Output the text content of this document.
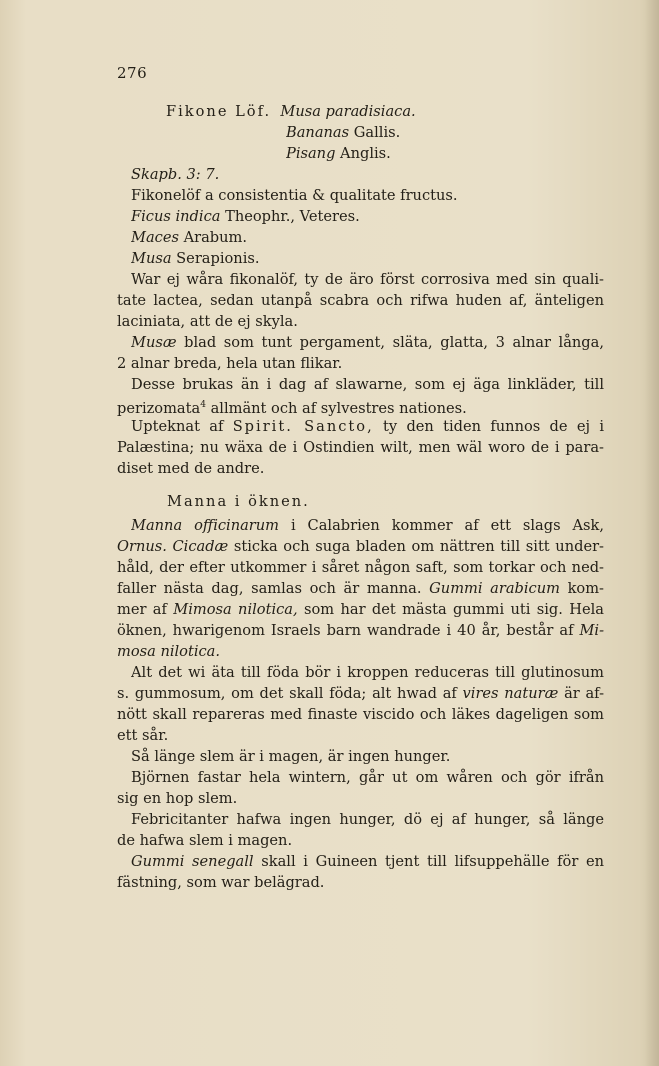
276
Fikone Löf. Musa paradisiaca.
Bananas Gallis.
Pisang Anglis.
Skapb. 3: 7.
Fikonelöf a consistentia & qualitate fructus.
Ficus indica Theophr., Veteres.
Maces Arabum.
Musa Serapionis.
War ej wåra fikonalöf, ty de äro först corrosiva med sin quali-
tate lactea, sedan utanpå scabra och rifwa huden af, änteligen
laciniata, att de ej skyla.
Musæ blad som tunt pergament, släta, glatta, 3 alnar långa,
2 alnar breda, hela utan flikar.
Desse brukas än i dag af slawarne, som ej äga linkläder, till
perizomata$^4$ allmänt och af sylvestres nationes.
Upteknat af Spirit. Sancto, ty den tiden funnos de ej i
Palæstina; nu wäxa de i Ostindien wilt, men wäl woro de i para-
diset med de andre.
Manna i öknen.
Manna officinarum i Calabrien kommer af ett slags Ask,
Ornus. Cicadæ sticka och suga bladen om nättren till sitt under-
håld, der efter utkommer i såret någon saft, som torkar och ned-
faller nästa dag, samlas och är manna. Gummi arabicum kom-
mer af Mimosa nilotica, som har det mästa gummi uti sig. Hela
öknen, hwarigenom Israels barn wandrade i 40 år, består af Mi-
mosa nilotica.
Alt det wi äta till föda bör i kroppen reduceras till glutinosum
s. gummosum, om det skall föda; alt hwad af vires naturæ är af-
nött skall repareras med finaste viscido och läkes dageligen som
ett sår.
Så länge slem är i magen, är ingen hunger.
Björnen fastar hela wintern, går ut om wåren och gör ifrån
sig en hop slem.
Febricitanter hafwa ingen hunger, dö ej af hunger, så länge
de hafwa slem i magen.
Gummi senegall skall i Guineen tjent till lifsuppehälle för en
fästning, som war belägrad.
